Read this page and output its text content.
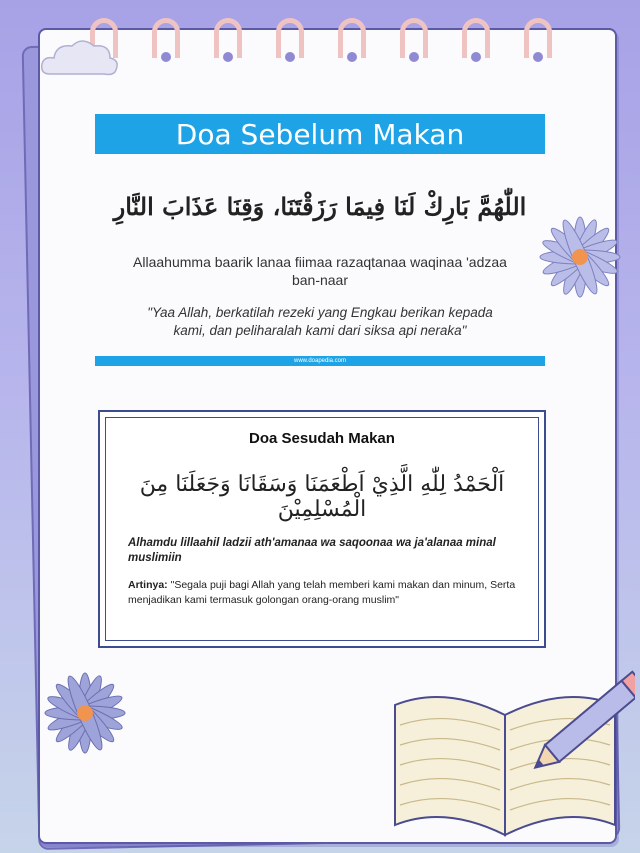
Doa Sebelum Makan
اللّٰهُمَّ بَارِكْ لَنَا فِيمَا رَزَقْتَنَا، وَقِنَا عَذَابَ النَّارِ
Allaahumma baarik lanaa fiimaa razaqtanaa waqinaa 'adzaa ban-naar
"Yaa Allah, berkatilah rezeki yang Engkau berikan kepada kami, dan peliharalah kami dari siksa api neraka"
www.doapedia.com
Doa Sesudah Makan
اَلْحَمْدُ لِلّٰهِ الَّذِيْ اَطْعَمَنَا وَسَقَانَا وَجَعَلَنَا مِنَ الْمُسْلِمِيْنَ
Alhamdu lillaahil ladzii ath'amanaa wa saqoonaa wa ja'alanaa minal muslimiin
Artinya: "Segala puji bagi Allah yang telah memberi kami makan dan minum, Serta menjadikan kami termasuk golongan orang-orang muslim"
